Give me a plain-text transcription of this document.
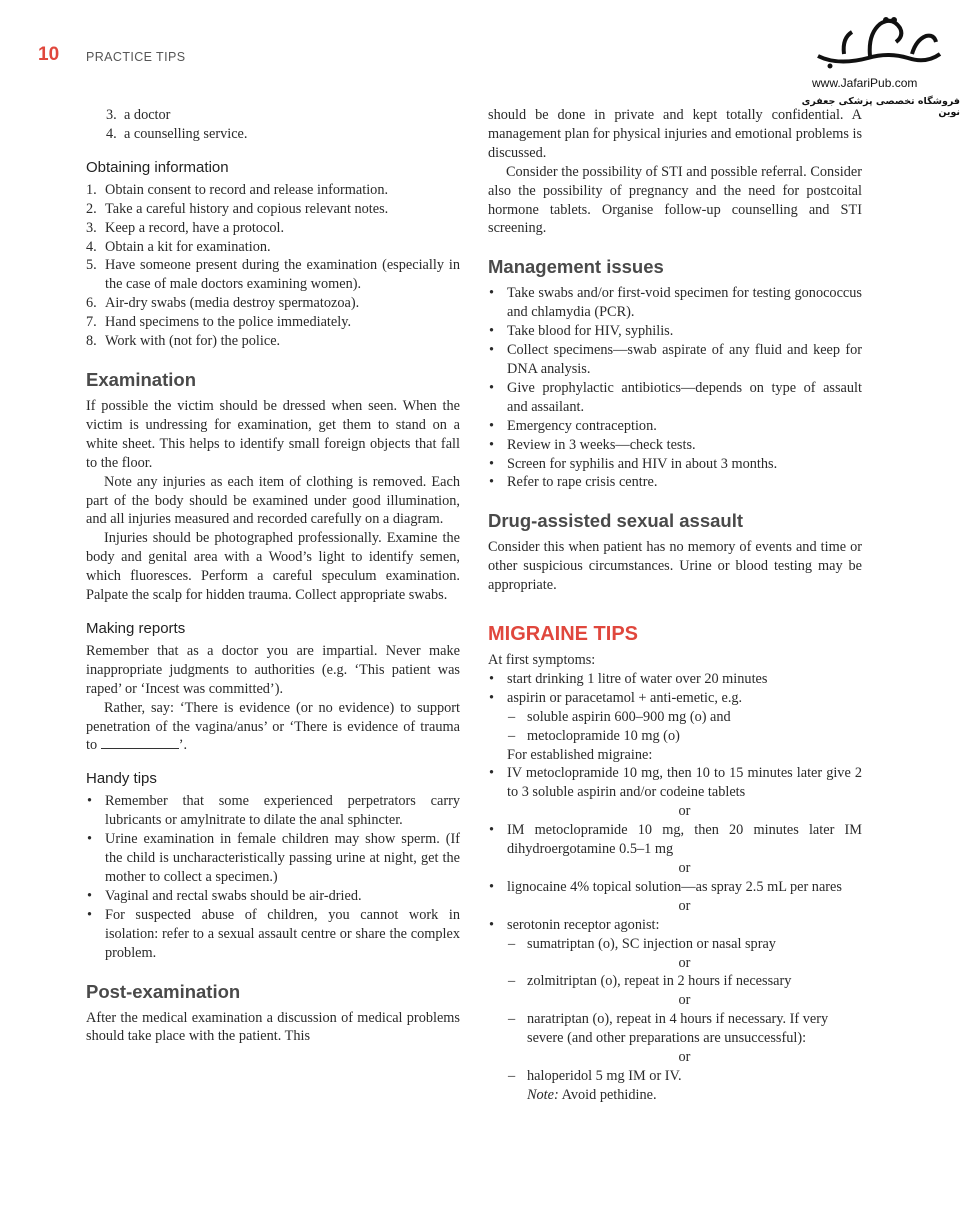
10 PRACTICE TIPS
www.JafariPub.com
فروشگاه تخصصی پزشکی جعفری نوین
3. a doctor
4. a counselling service.
Obtaining information
1. Obtain consent to record and release information.
2. Take a careful history and copious relevant notes.
3. Keep a record, have a protocol.
4. Obtain a kit for examination.
5. Have someone present during the examination (especially in the case of male doctors examining women).
6. Air-dry swabs (media destroy spermatozoa).
7. Hand specimens to the police immediately.
8. Work with (not for) the police.
Examination

If possible the victim should be dressed when seen. When the victim is undressing for examination, get them to stand on a white sheet. This helps to identify small foreign objects that fall to the floor.

Note any injuries as each item of clothing is removed. Each part of the body should be examined under good illumination, and all injuries measured and recorded carefully on a diagram.

Injuries should be photographed professionally. Examine the body and genital area with a Wood’s light to identify semen, which fluoresces. Perform a careful speculum examination. Palpate the scalp for hidden trauma. Collect appropriate swabs.

Making reports

Remember that as a doctor you are impartial. Never make inappropriate judgments to authorities (e.g. ‘This patient was raped’ or ‘Incest was committed’).

Rather, say: ‘There is evidence (or no evidence) to support penetration of the vagina/anus’ or ‘There is evidence of trauma to	’.

Handy tips
• Remember that some experienced perpetrators carry lubricants or amylnitrate to dilate the anal sphincter.
• Urine examination in female children may show sperm. (If the child is uncharacteristically passing urine at night, get the mother to collect a specimen.)
• Vaginal and rectal swabs should be air-dried.
• For suspected abuse of children, you cannot work in isolation: refer to a sexual assault centre or share the complex problem.
Post-examination

After the medical examination a discussion of medical problems should take place with the patient. This

should be done in private and kept totally confidential. A management plan for physical injuries and emotional problems is discussed.

Consider the possibility of STI and possible referral. Consider also the possibility of pregnancy and the need for postcoital hormone tablets. Organise follow-up counselling and STI screening.

Management issues
• Take swabs and/or first-void specimen for testing gonococcus and chlamydia (PCR).
• Take blood for HIV, syphilis.
• Collect specimens—swab aspirate of any fluid and keep for DNA analysis.
• Give prophylactic antibiotics—depends on type of assault and assailant.
• Emergency contraception.
• Review in 3 weeks—check tests.
• Screen for syphilis and HIV in about 3 months.
• Refer to rape crisis centre.
Drug-assisted sexual assault

Consider this when patient has no memory of events and time or other suspicious circumstances. Urine or blood testing may be appropriate.

MIGRAINE TIPS
At first symptoms:
• start drinking 1 litre of water over 20 minutes
• aspirin or paracetamol + anti-emetic, e.g.
– soluble aspirin 600–900 mg (o) and
– metoclopramide 10 mg (o)
For established migraine:
• IV metoclopramide 10 mg, then 10 to 15 minutes later give 2 to 3 soluble aspirin and/or codeine tablets
or
• IM metoclopramide 10 mg, then 20 minutes later IM dihydroergotamine 0.5–1 mg
or
• lignocaine 4% topical solution—as spray 2.5 mL per nares
or
• serotonin receptor agonist:
– sumatriptan (o), SC injection or nasal spray
or
– zolmitriptan (o), repeat in 2 hours if necessary
or
– naratriptan (o), repeat in 4 hours if necessary. If very severe (and other preparations are unsuccessful):
or
– haloperidol 5 mg IM or IV.
Note: Avoid pethidine.
